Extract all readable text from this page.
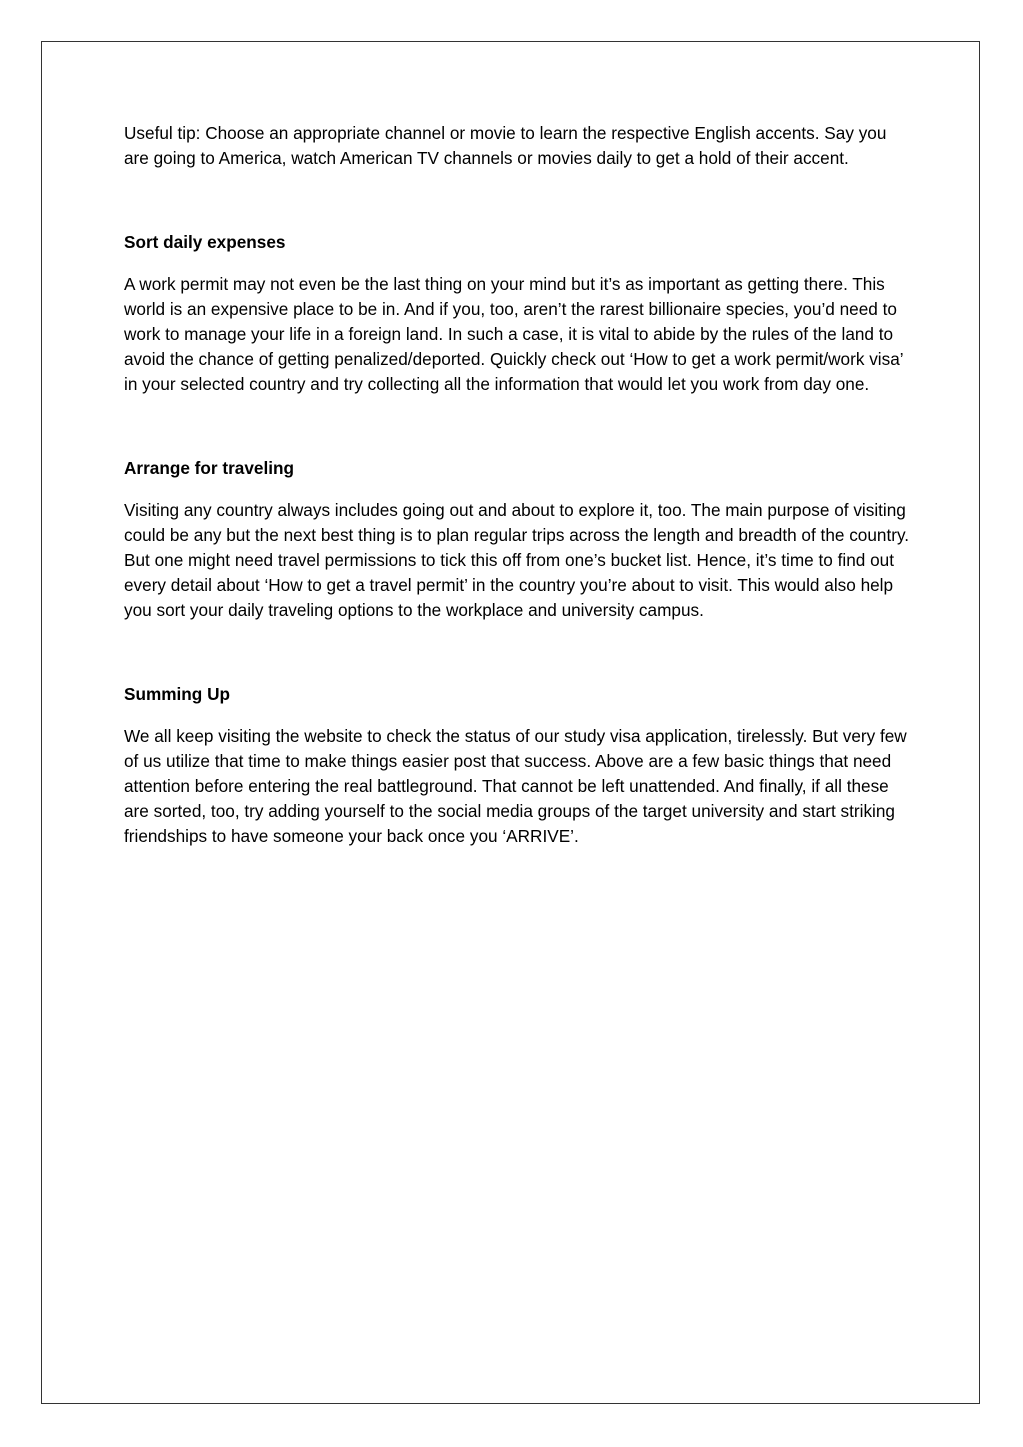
Useful tip: Choose an appropriate channel or movie to learn the respective English accents. Say you are going to America, watch American TV channels or movies daily to get a hold of their accent.

Sort daily expenses

A work permit may not even be the last thing on your mind but it’s as important as getting there. This world is an expensive place to be in. And if you, too, aren’t the rarest billionaire species, you’d need to work to manage your life in a foreign land. In such a case, it is vital to abide by the rules of the land to avoid the chance of getting penalized/deported. Quickly check out ‘How to get a work permit/work visa’ in your selected country and try collecting all the information that would let you work from day one.

Arrange for traveling

Visiting any country always includes going out and about to explore it, too. The main purpose of visiting could be any but the next best thing is to plan regular trips across the length and breadth of the country. But one might need travel permissions to tick this off from one’s bucket list. Hence, it’s time to find out every detail about ‘How to get a travel permit’ in the country you’re about to visit. This would also help you sort your daily traveling options to the workplace and university campus.

Summing Up

We all keep visiting the website to check the status of our study visa application, tirelessly. But very few of us utilize that time to make things easier post that success. Above are a few basic things that need attention before entering the real battleground. That cannot be left unattended. And finally, if all these are sorted, too, try adding yourself to the social media groups of the target university and start striking friendships to have someone your back once you ‘ARRIVE’.
